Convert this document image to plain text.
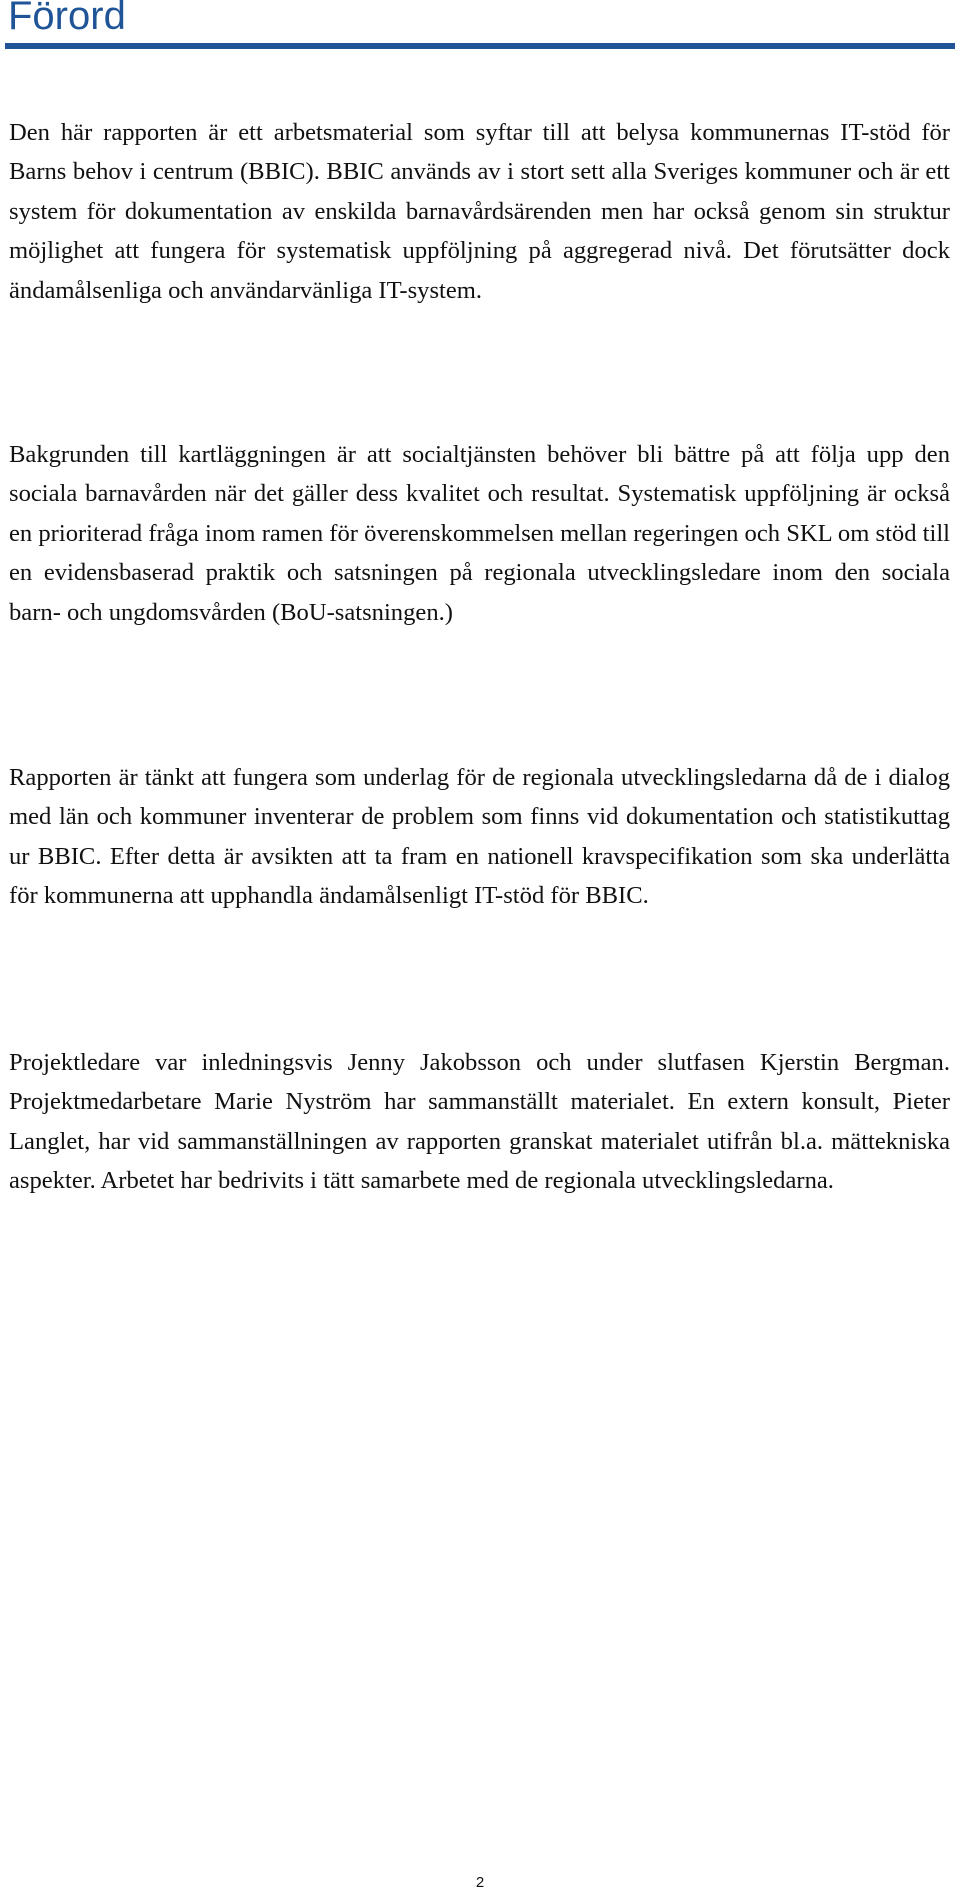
Förord

Den här rapporten är ett arbetsmaterial som syftar till att belysa kommunernas IT-stöd för Barns behov i centrum (BBIC). BBIC används av i stort sett alla Sveriges kommuner och är ett system för dokumentation av enskilda barnavårdsärenden men har också genom sin struktur möjlighet att fungera för systematisk uppföljning på aggregerad nivå. Det förutsätter dock ändamålsenliga och användarvänliga IT-system.

Bakgrunden till kartläggningen är att socialtjänsten behöver bli bättre på att följa upp den sociala barnavården när det gäller dess kvalitet och resultat. Systematisk uppföljning är också en prioriterad fråga inom ramen för överenskommelsen mellan regeringen och SKL om stöd till en evidensbaserad praktik och satsningen på regionala utvecklingsledare inom den sociala barn- och ungdomsvården (BoU-satsningen.)

Rapporten är tänkt att fungera som underlag för de regionala utvecklingsledarna då de i dialog med län och kommuner inventerar de problem som finns vid dokumentation och statistikuttag ur BBIC. Efter detta är avsikten att ta fram en nationell kravspecifikation som ska underlätta för kommunerna att upphandla ändamålsenligt IT-stöd för BBIC.

Projektledare var inledningsvis Jenny Jakobsson och under slutfasen Kjerstin Bergman. Projektmedarbetare Marie Nyström har sammanställt materialet. En extern konsult, Pieter Langlet, har vid sammanställningen av rapporten granskat materialet utifrån bl.a. mättekniska aspekter. Arbetet har bedrivits i tätt samarbete med de regionala utvecklingsledarna.

2
